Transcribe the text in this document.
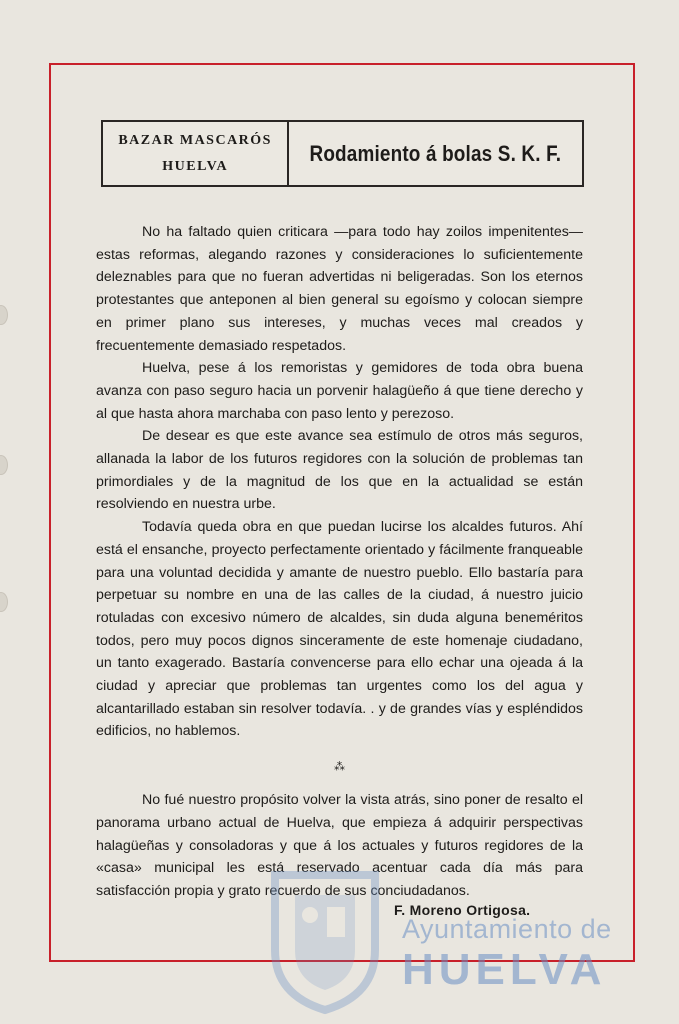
BAZAR MASCARÓS
HUELVA
Rodamiento á bolas S. K. F.

No ha faltado quien criticara —para todo hay zoilos impenitentes—estas reformas, alegando razones y consideraciones lo suficientemente deleznables para que no fueran advertidas ni beligeradas. Son los eternos protestantes que anteponen al bien general su egoísmo y colocan siempre en primer plano sus intereses, y muchas veces mal creados y frecuentemente demasiado respetados.

Huelva, pese á los remoristas y gemidores de toda obra buena avanza con paso seguro hacia un porvenir halagüeño á que tiene derecho y al que hasta ahora marchaba con paso lento y perezoso.

De desear es que este avance sea estímulo de otros más seguros, allanada la labor de los futuros regidores con la solución de problemas tan primordiales y de la magnitud de los que en la actualidad se están resolviendo en nuestra urbe.

Todavía queda obra en que puedan lucirse los alcaldes futuros. Ahí está el ensanche, proyecto perfectamente orientado y fácilmente franqueable para una voluntad decidida y amante de nuestro pueblo. Ello bastaría para perpetuar su nombre en una de las calles de la ciudad, á nuestro juicio rotuladas con excesivo número de alcaldes, sin duda alguna beneméritos todos, pero muy pocos dignos sinceramente de este homenaje ciudadano, un tanto exagerado. Bastaría convencerse para ello echar una ojeada á la ciudad y apreciar que problemas tan urgentes como los del agua y alcantarillado estaban sin resolver todavía. . y de grandes vías y espléndidos edificios, no hablemos.

⁂

No fué nuestro propósito volver la vista atrás, sino poner de resalto el panorama urbano actual de Huelva, que empieza á adquirir perspectivas halagüeñas y consoladoras y que á los actuales y futuros regidores de la «casa» municipal les está reservado acentuar cada día más para satisfacción propia y grato recuerdo de sus conciudadanos.

F. Moreno Ortigosa.
Ayuntamiento de
HUELVA
